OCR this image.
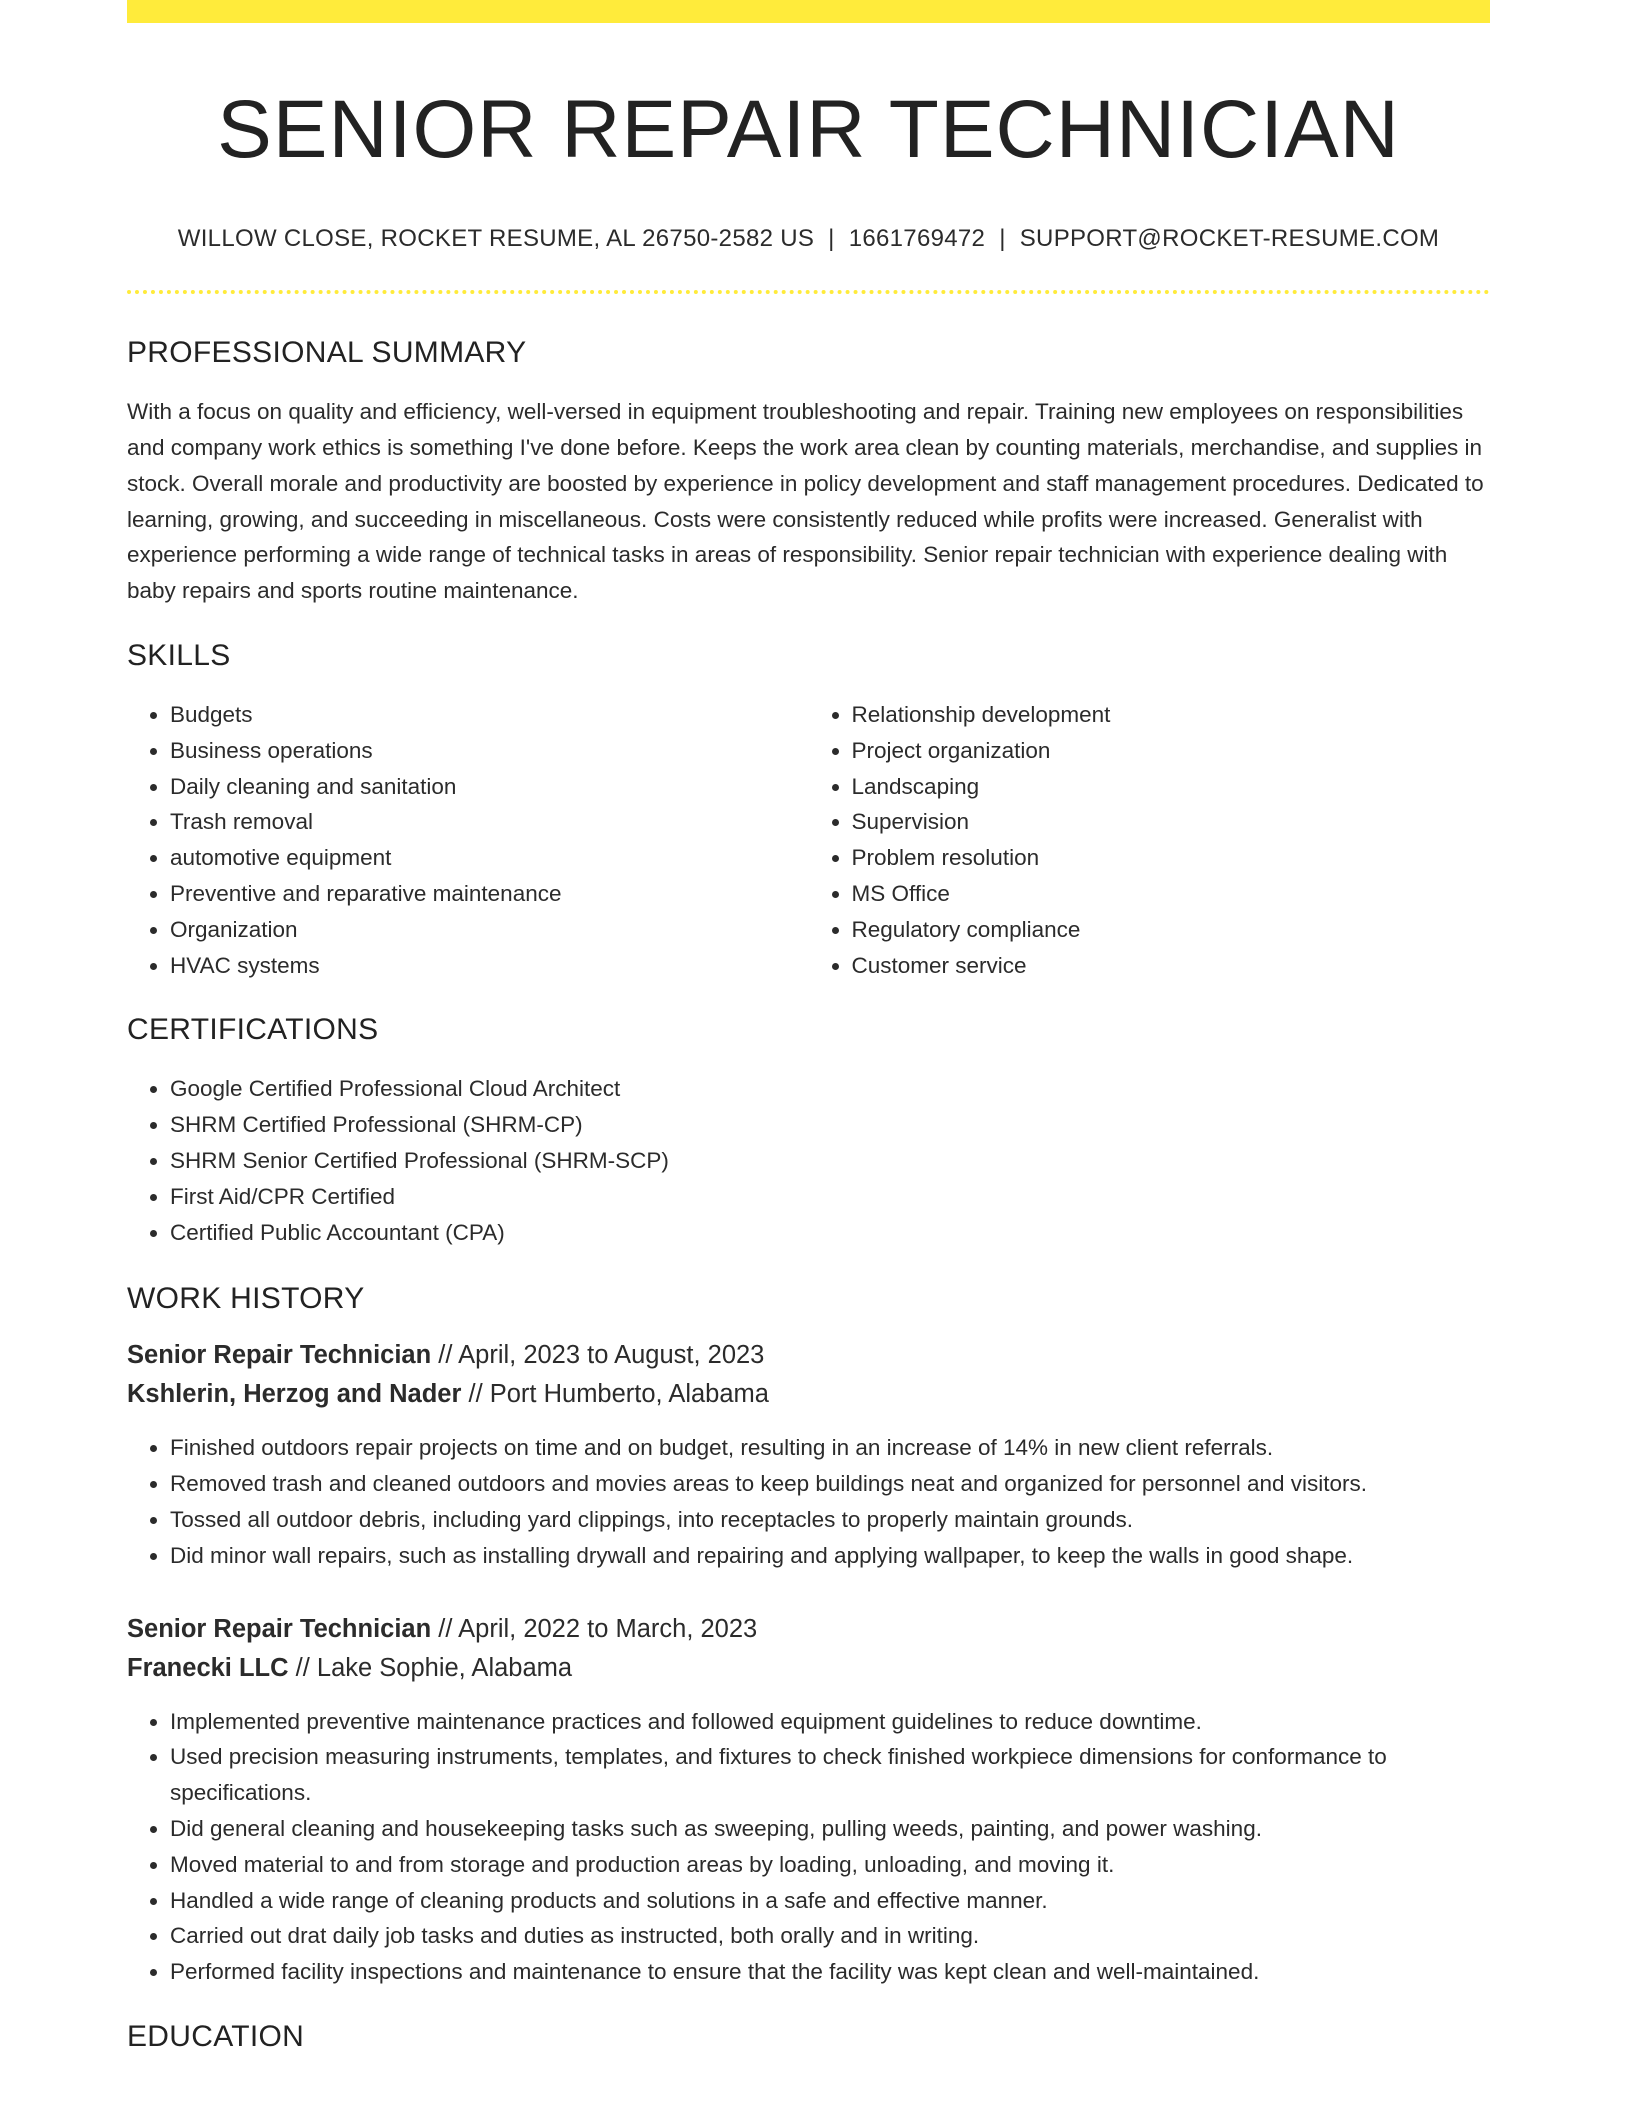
SENIOR REPAIR TECHNICIAN
WILLOW CLOSE, ROCKET RESUME, AL 26750-2582 US | 1661769472 | SUPPORT@ROCKET-RESUME.COM
PROFESSIONAL SUMMARY

With a focus on quality and efficiency, well-versed in equipment troubleshooting and repair. Training new employees on responsibilities and company work ethics is something I've done before. Keeps the work area clean by counting materials, merchandise, and supplies in stock. Overall morale and productivity are boosted by experience in policy development and staff management procedures. Dedicated to learning, growing, and succeeding in miscellaneous. Costs were consistently reduced while profits were increased. Generalist with experience performing a wide range of technical tasks in areas of responsibility. Senior repair technician with experience dealing with baby repairs and sports routine maintenance.

SKILLS
• Budgets
• Business operations
• Daily cleaning and sanitation
• Trash removal
• automotive equipment
• Preventive and reparative maintenance
• Organization
• HVAC systems
• Relationship development
• Project organization
• Landscaping
• Supervision
• Problem resolution
• MS Office
• Regulatory compliance
• Customer service
CERTIFICATIONS
• Google Certified Professional Cloud Architect
• SHRM Certified Professional (SHRM-CP)
• SHRM Senior Certified Professional (SHRM-SCP)
• First Aid/CPR Certified
• Certified Public Accountant (CPA)
WORK HISTORY
Senior Repair Technician // April, 2023 to August, 2023
Kshlerin, Herzog and Nader // Port Humberto, Alabama
• Finished outdoors repair projects on time and on budget, resulting in an increase of 14% in new client referrals.
• Removed trash and cleaned outdoors and movies areas to keep buildings neat and organized for personnel and visitors.
• Tossed all outdoor debris, including yard clippings, into receptacles to properly maintain grounds.
• Did minor wall repairs, such as installing drywall and repairing and applying wallpaper, to keep the walls in good shape.
Senior Repair Technician // April, 2022 to March, 2023
Franecki LLC // Lake Sophie, Alabama
• Implemented preventive maintenance practices and followed equipment guidelines to reduce downtime.
• Used precision measuring instruments, templates, and fixtures to check finished workpiece dimensions for conformance to specifications.
• Did general cleaning and housekeeping tasks such as sweeping, pulling weeds, painting, and power washing.
• Moved material to and from storage and production areas by loading, unloading, and moving it.
• Handled a wide range of cleaning products and solutions in a safe and effective manner.
• Carried out drat daily job tasks and duties as instructed, both orally and in writing.
• Performed facility inspections and maintenance to ensure that the facility was kept clean and well-maintained.
EDUCATION
